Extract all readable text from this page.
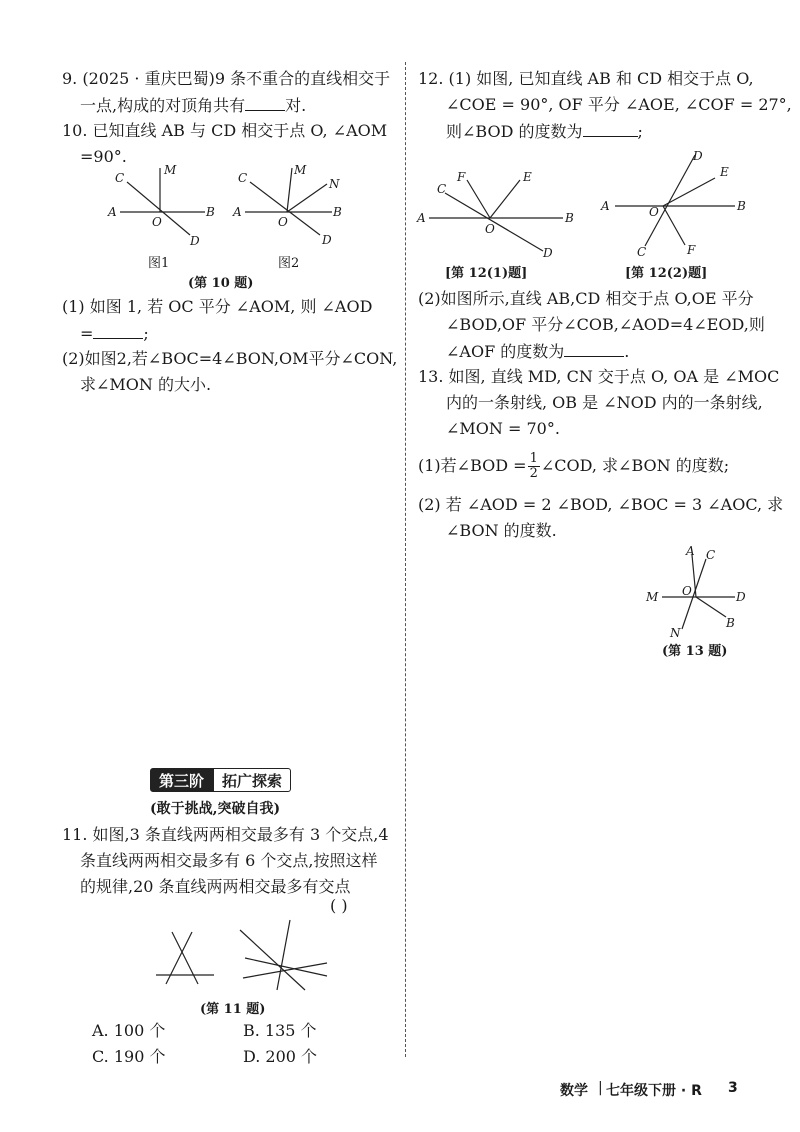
9. (2025 · 重庆巴蜀)9 条不重合的直线相交于
一点,构成的对顶角共有	对.
10. 已知直线 AB 与 CD 相交于点 O, ∠AOM
=90°.
A	B
C
D
M
O
图1
A	B
C
D
M
N
O
图2
(第 10 题)
(1) 如图 1, 若 OC 平分 ∠AOM, 则 ∠AOD
=	;
(2)如图2,若∠BOC=4∠BON,OM平分∠CON,
求∠MON 的大小.
第三阶	拓广探索
(敢于挑战,突破自我)
11. 如图,3 条直线两两相交最多有 3 个交点,4
条直线两两相交最多有 6 个交点,按照这样
的规律,20 条直线两两相交最多有交点
( )
(第 11 题)
A. 100 个	B. 135 个
C. 190 个	D. 200 个
12. (1) 如图, 已知直线 AB 和 CD 相交于点 O,
∠COE = 90°, OF 平分 ∠AOE, ∠COF = 27°,
则∠BOD 的度数为	;
A	B
C
D
E
F
O
[第 12(1)题]
A	B
C
D
E
F
O
[第 12(2)题]
(2)如图所示,直线 AB,CD 相交于点 O,OE 平分
∠BOD,OF 平分∠COB,∠AOD=4∠EOD,则
∠AOF 的度数为	.
13. 如图, 直线 MD, CN 交于点 O, OA 是 ∠MOC
内的一条射线, OB 是 ∠NOD 内的一条射线,
∠MON = 70°.
(1)若∠BOD = $\frac{1}{2}$ ∠COD, 求∠BON 的度数;
(2) 若 ∠AOD = 2 ∠BOD, ∠BOC = 3 ∠AOC, 求
∠BON 的度数.
M	D
A C
N
B
O
(第 13 题)
数学 | 七年级下册 · R 3
